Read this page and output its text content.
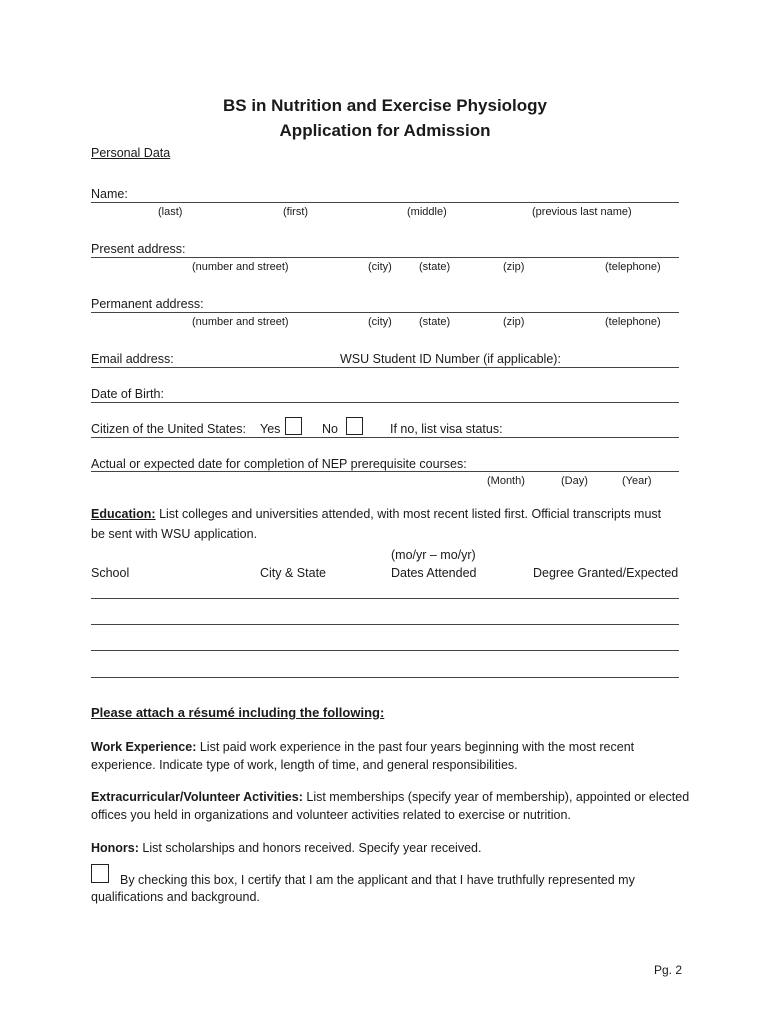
BS in Nutrition and Exercise Physiology
Application for Admission
Personal Data
Name:
(last)	(first)	(middle)	(previous last name)
Present address:
(number and street)	(city) (state)	(zip)	(telephone)
Permanent address:
(number and street)	(city) (state)	(zip)	(telephone)
Email address:	WSU Student ID Number (if applicable):
Date of Birth:
Citizen of the United States: Yes	No	If no, list visa status:
Actual or expected date for completion of NEP prerequisite courses:
(Month)	(Day)	(Year)
Education: List colleges and universities attended, with most recent listed first. Official transcripts must
be sent with WSU application.
(mo/yr – mo/yr)
School	City & State	Dates Attended	Degree Granted/Expected
Please attach a résumé including the following:
Work Experience: List paid work experience in the past four years beginning with the most recent experience. Indicate type of work, length of time, and general responsibilities.
Extracurricular/Volunteer Activities: List memberships (specify year of membership), appointed or elected offices you held in organizations and volunteer activities related to exercise or nutrition.
Honors: List scholarships and honors received. Specify year received.
By checking this box, I certify that I am the applicant and that I have truthfully represented my
qualifications and background.
Pg. 2
